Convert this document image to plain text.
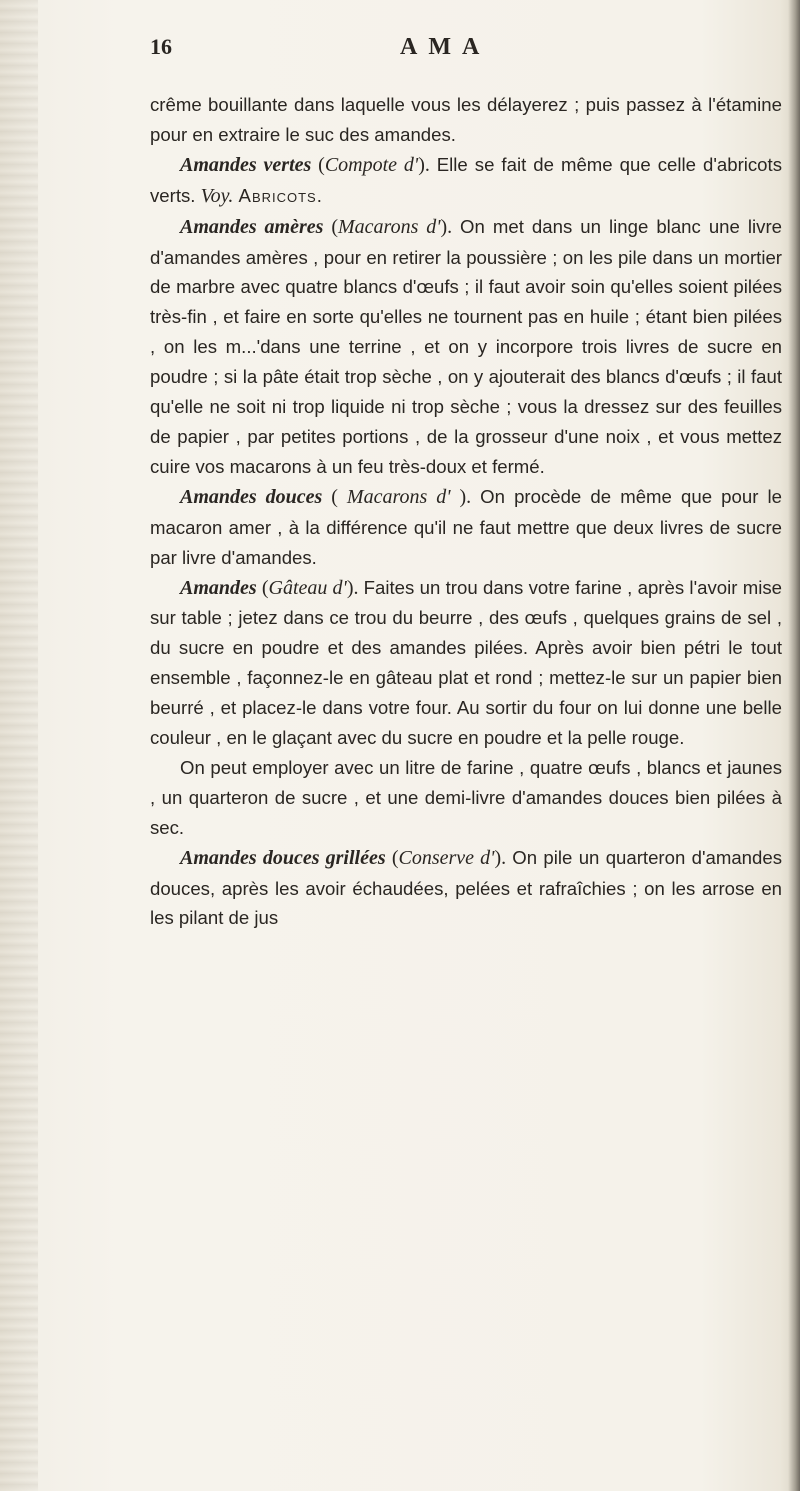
16	AMA

crême bouillante dans laquelle vous les délayerez ; puis passez à l'étamine pour en extraire le suc des amandes.

Amandes vertes (Compote d'). Elle se fait de même que celle d'abricots verts. Voy. Abricots.

Amandes amères (Macarons d'). On met dans un linge blanc une livre d'amandes amères , pour en retirer la poussière ; on les pile dans un mortier de marbre avec quatre blancs d'œufs ; il faut avoir soin qu'elles soient pilées très-fin , et faire en sorte qu'elles ne tournent pas en huile ; étant bien pilées , on les m...'dans une terrine , et on y incorpore trois livres de sucre en poudre ; si la pâte était trop sèche , on y ajouterait des blancs d'œufs ; il faut qu'elle ne soit ni trop liquide ni trop sèche ; vous la dressez sur des feuilles de papier , par petites portions , de la grosseur d'une noix , et vous mettez cuire vos macarons à un feu très-doux et fermé.

Amandes douces ( Macarons d' ). On procède de même que pour le macaron amer , à la différence qu'il ne faut mettre que deux livres de sucre par livre d'amandes.

Amandes (Gâteau d'). Faites un trou dans votre farine , après l'avoir mise sur table ; jetez dans ce trou du beurre , des œufs , quelques grains de sel , du sucre en poudre et des amandes pilées. Après avoir bien pétri le tout ensemble , façonnez-le en gâteau plat et rond ; mettez-le sur un papier bien beurré , et placez-le dans votre four. Au sortir du four on lui donne une belle couleur , en le glaçant avec du sucre en poudre et la pelle rouge.

On peut employer avec un litre de farine , quatre œufs , blancs et jaunes , un quarteron de sucre , et une demi-livre d'amandes douces bien pilées à sec.

Amandes douces grillées (Conserve d'). On pile un quarteron d'amandes douces, après les avoir échaudées, pelées et rafraîchies ; on les arrose en les pilant de jus
